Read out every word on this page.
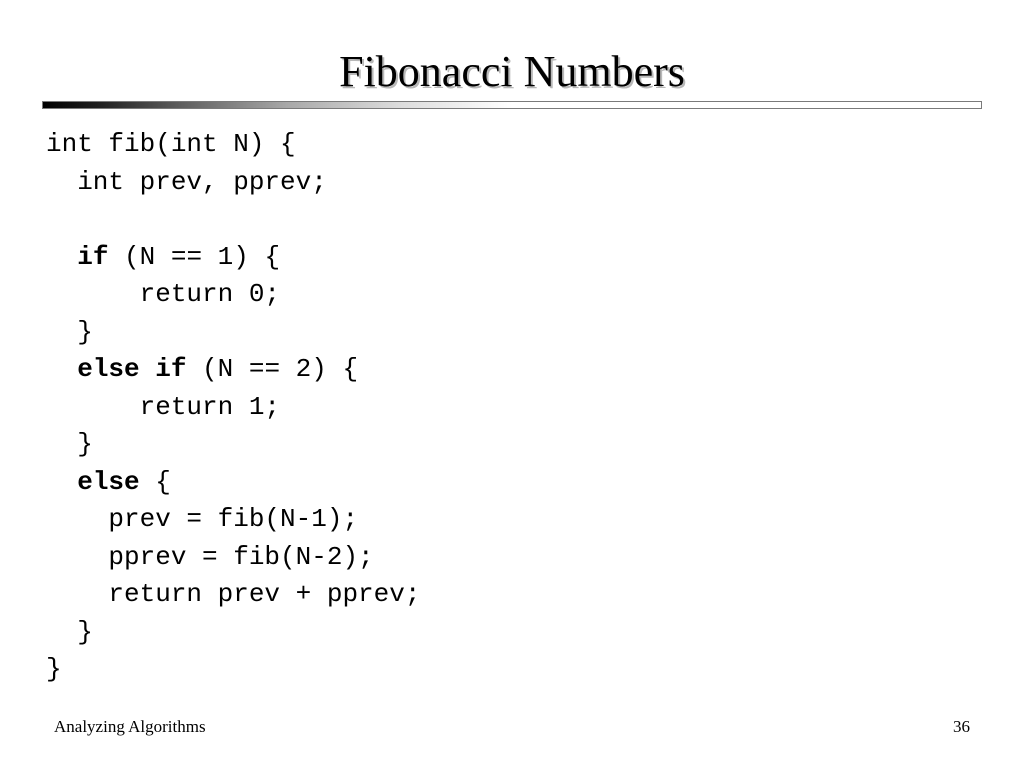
Fibonacci Numbers
int fib(int N) {
int prev, pprev;
if (N == 1) {
return 0;
}
else if (N == 2) {
return 1;
}
else {
prev = fib(N-1);
pprev = fib(N-2);
return prev + pprev;
}
}
Analyzing Algorithms	36
